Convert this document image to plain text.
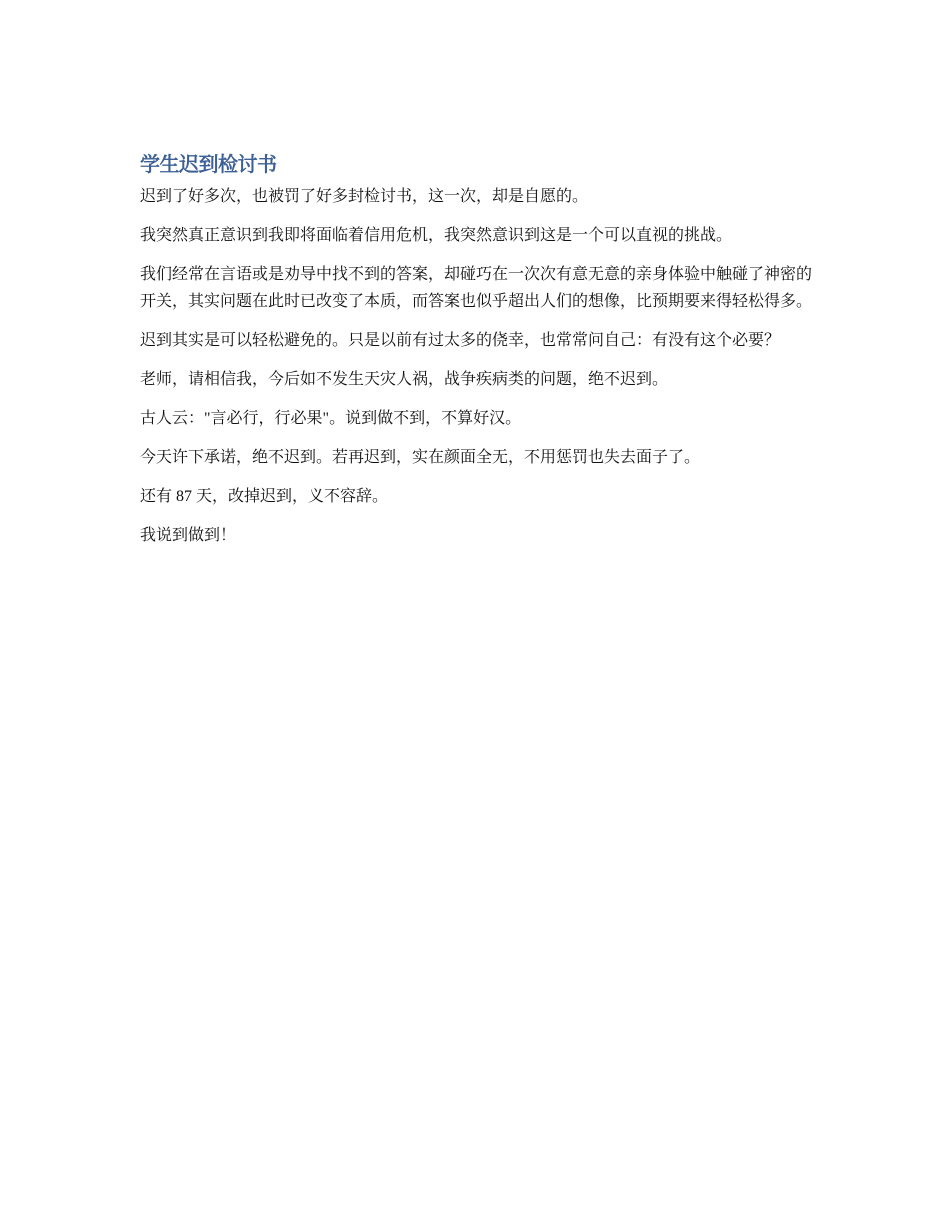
学生迟到检讨书

迟到了好多次，也被罚了好多封检讨书，这一次，却是自愿的。

我突然真正意识到我即将面临着信用危机，我突然意识到这是一个可以直视的挑战。

我们经常在言语或是劝导中找不到的答案，却碰巧在一次次有意无意的亲身体验中触碰了神密的开关，其实问题在此时已改变了本质，而答案也似乎超出人们的想像，比预期要来得轻松得多。

迟到其实是可以轻松避免的。只是以前有过太多的侥幸，也常常问自己：有没有这个必要？

老师，请相信我，今后如不发生天灾人祸，战争疾病类的问题，绝不迟到。

古人云："言必行，行必果"。说到做不到，不算好汉。

今天许下承诺，绝不迟到。若再迟到，实在颜面全无，不用惩罚也失去面子了。

还有 87 天，改掉迟到，义不容辞。

我说到做到！
